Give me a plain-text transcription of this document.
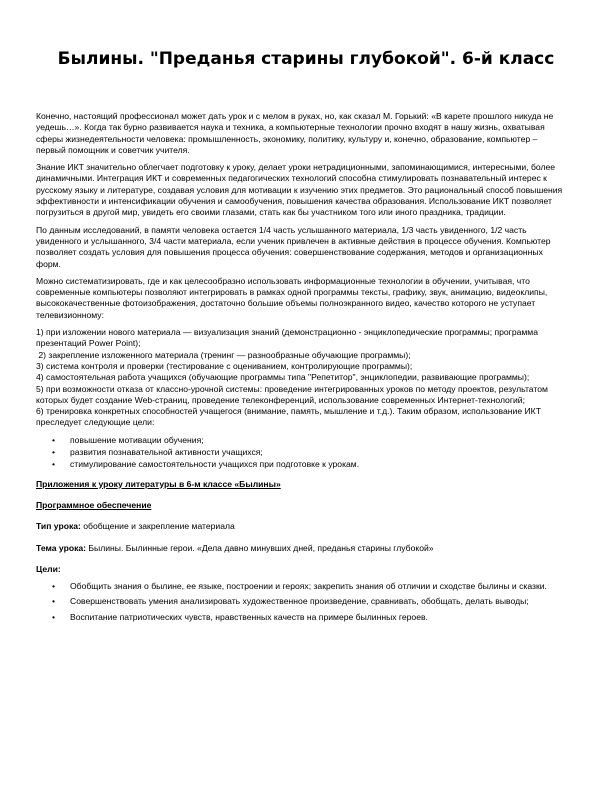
Былины. "Преданья старины глубокой". 6-й класс

Конечно, настоящий профессионал может дать урок и с мелом в руках, но, как сказал М. Горький: «В карете прошлого никуда не уедешь…». Когда так бурно развивается наука и техника, а компьютерные технологии прочно входят в нашу жизнь, охватывая сферы жизнедеятельности человека: промышленность, экономику, политику, культуру и, конечно, образование, компьютер – первый помощник и советчик учителя.

Знание ИКТ значительно облегчает подготовку к уроку, делает уроки нетрадиционными, запоминающимися, интересными, более динамичными. Интеграция ИКТ и современных педагогических технологий способна стимулировать познавательный интерес к русскому языку и литературе, создавая условия для мотивации к изучению этих предметов. Это рациональный способ повышения эффективности и интенсификации обучения и самообучения, повышения качества образования. Использование ИКТ позволяет погрузиться в другой мир, увидеть его своими глазами, стать как бы участником того или иного праздника, традиции.

По данным исследований, в памяти человека остается 1/4 часть услышанного материала, 1/3 часть увиденного, 1/2 часть увиденного и услышанного, 3/4 части материала, если ученик привлечен в активные действия в процессе обучения. Компьютер позволяет создать условия для повышения процесса обучения: совершенствование содержания, методов и организационных форм.

Можно систематизировать, где и как целесообразно использовать информационные технологии в обучении, учитывая, что современные компьютеры позволяют интегрировать в рамках одной программы тексты, графику, звук, анимацию, видеоклипы, высококачественные фотоизображения, достаточно большие объемы полноэкранного видео, качество которого не уступает телевизионному:

1) при изложении нового материала — визуализация знаний (демонстрационно - энциклопедические программы; программа презентаций Power Point);

2) закрепление изложенного материала (тренинг — разнообразные обучающие программы);

3) система контроля и проверки (тестирование с оцениванием, контролирующие программы);

4) самостоятельная работа учащихся (обучающие программы типа "Репетитор", энциклопедии, развивающие программы);

5) при возможности отказа от классно-урочной системы: проведение интегрированных уроков по методу проектов, результатом которых будет создание Web-страниц, проведение телеконференций, использование современных Интернет-технологий;

6) тренировка конкретных способностей учащегося (внимание, память, мышление и т.д.). Таким образом, использование ИКТ преследует следующие цели:

• повышение мотивации обучения;
• развития познавательной активности учащихся;
• стимулирование самостоятельности учащихся при подготовке к урокам.

Приложения к уроку литературы в 6-м классе «Былины»

Программное обеспечение

Тип урока: обобщение и закрепление материала

Тема урока: Былины. Былинные герои. «Дела давно минувших дней, преданья старины глубокой»

Цели:

• Обобщить знания о былине, ее языке, построении и героях; закрепить знания об отличии и сходстве былины и сказки.
• Совершенствовать умения анализировать художественное произведение, сравнивать, обобщать, делать выводы;
• Воспитание патриотических чувств, нравственных качеств на примере былинных героев.
